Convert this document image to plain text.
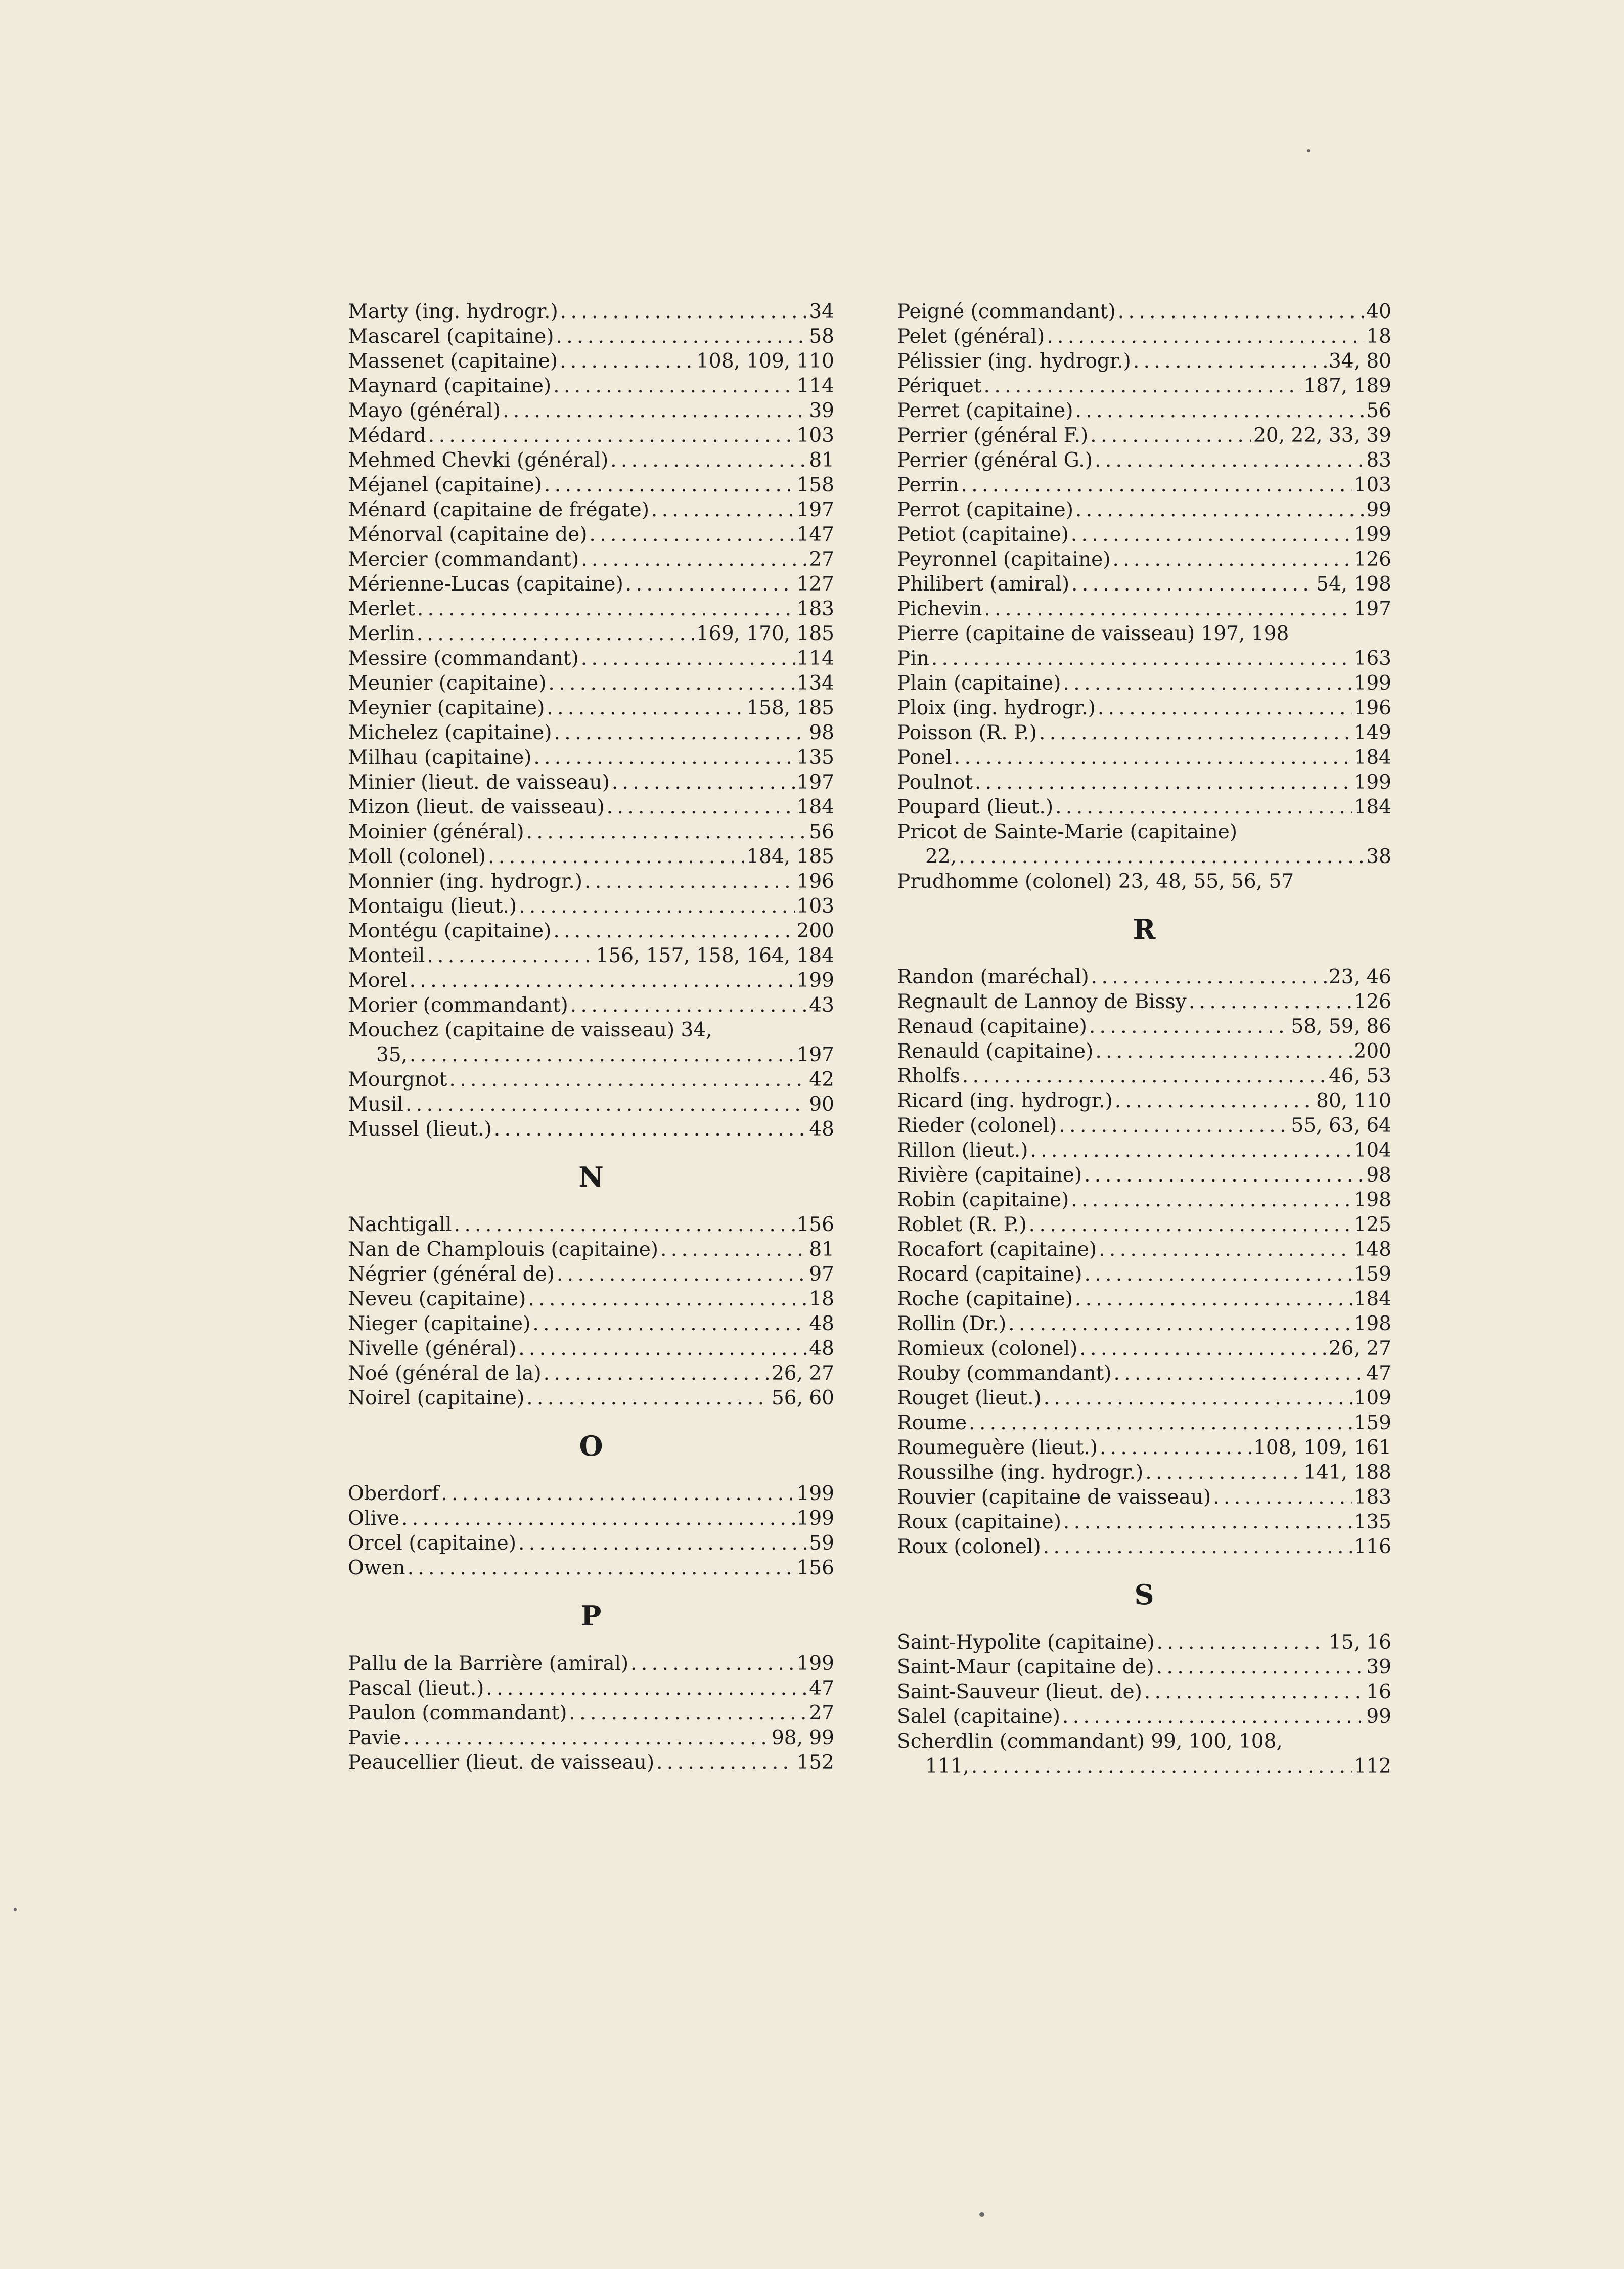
Marty (ing. hydrogr.) . . .	34
Mascarel (capitaine) . . .	58
Massenet (capitaine) . . .	108, 109, 110
Maynard (capitaine) . . .	114
Mayo (général) . . .	39
Médard . . .	103
Mehmed Chevki (général) . . .	81
Méjanel (capitaine) . . .	158
Ménard (capitaine de frégate) . . .	197
Ménorval (capitaine de) . . .	147
Mercier (commandant) . . .	27
Mérienne-Lucas (capitaine) . . .	127
Merlet . . .	183
Merlin . . .	169, 170, 185
Messire (commandant) . . .	114
Meunier (capitaine) . . .	134
Meynier (capitaine) . . .	158, 185
Michelez (capitaine) . . .	98
Milhau (capitaine) . . .	135
Minier (lieut. de vaisseau) . . .	197
Mizon (lieut. de vaisseau) . . .	184
Moinier (général) . . .	56
Moll (colonel) . . .	184, 185
Monnier (ing. hydrogr.) . . .	196
Montaigu (lieut.) . . .	103
Montégu (capitaine) . . .	200
Monteil . . .	156, 157, 158, 164, 184
Morel . . .	199
Morier (commandant) . . .	43
Mouchez (capitaine de vaisseau) 34,
35, . . .	197
Mourgnot . . .	42
Musil . . .	90
Mussel (lieut.) . . .	48
N
Nachtigall . . .	156
Nan de Champlouis (capitaine) . . .	81
Négrier (général de) . . .	97
Neveu (capitaine) . . .	18
Nieger (capitaine) . . .	48
Nivelle (général) . . .	48
Noé (général de la) . . .	26, 27
Noirel (capitaine) . . .	56, 60
O
Oberdorf . . .	199
Olive . . .	199
Orcel (capitaine) . . .	59
Owen . . .	156
P
Pallu de la Barrière (amiral) . . .	199
Pascal (lieut.) . . .	47
Paulon (commandant) . . .	27
Pavie . . .	98, 99
Peaucellier (lieut. de vaisseau) . . .	152
Peigné (commandant) . . .	40
Pelet (général) . . .	18
Pélissier (ing. hydrogr.) . . .	34, 80
Périquet . . .	187, 189
Perret (capitaine) . . .	56
Perrier (général F.) . . .	20, 22, 33, 39
Perrier (général G.) . . .	83
Perrin . . .	103
Perrot (capitaine) . . .	99
Petiot (capitaine) . . .	199
Peyronnel (capitaine) . . .	126
Philibert (amiral) . . .	54, 198
Pichevin . . .	197
Pierre (capitaine de vaisseau) 197, 198
Pin . . .	163
Plain (capitaine) . . .	199
Ploix (ing. hydrogr.) . . .	196
Poisson (R. P.) . . .	149
Ponel . . .	184
Poulnot . . .	199
Poupard (lieut.) . . .	184
Pricot de Sainte-Marie (capitaine)
22, . . .	38
Prudhomme (colonel) 23, 48, 55, 56, 57
R
Randon (maréchal) . . .	23, 46
Regnault de Lannoy de Bissy . . .	126
Renaud (capitaine) . . .	58, 59, 86
Renauld (capitaine) . . .	200
Rholfs . . .	46, 53
Ricard (ing. hydrogr.) . . .	80, 110
Rieder (colonel) . . .	55, 63, 64
Rillon (lieut.) . . .	104
Rivière (capitaine) . . .	98
Robin (capitaine) . . .	198
Roblet (R. P.) . . .	125
Rocafort (capitaine) . . .	148
Rocard (capitaine) . . .	159
Roche (capitaine) . . .	184
Rollin (Dr.) . . .	198
Romieux (colonel) . . .	26, 27
Rouby (commandant) . . .	47
Rouget (lieut.) . . .	109
Roume . . .	159
Roumeguère (lieut.) . . .	108, 109, 161
Roussilhe (ing. hydrogr.) . . .	141, 188
Rouvier (capitaine de vaisseau) . . .	183
Roux (capitaine) . . .	135
Roux (colonel) . . .	116
S
Saint-Hypolite (capitaine) . . .	15, 16
Saint-Maur (capitaine de) . . .	39
Saint-Sauveur (lieut. de) . . .	16
Salel (capitaine) . . .	99
Scherdlin (commandant) 99, 100, 108,
111, . . .	112
